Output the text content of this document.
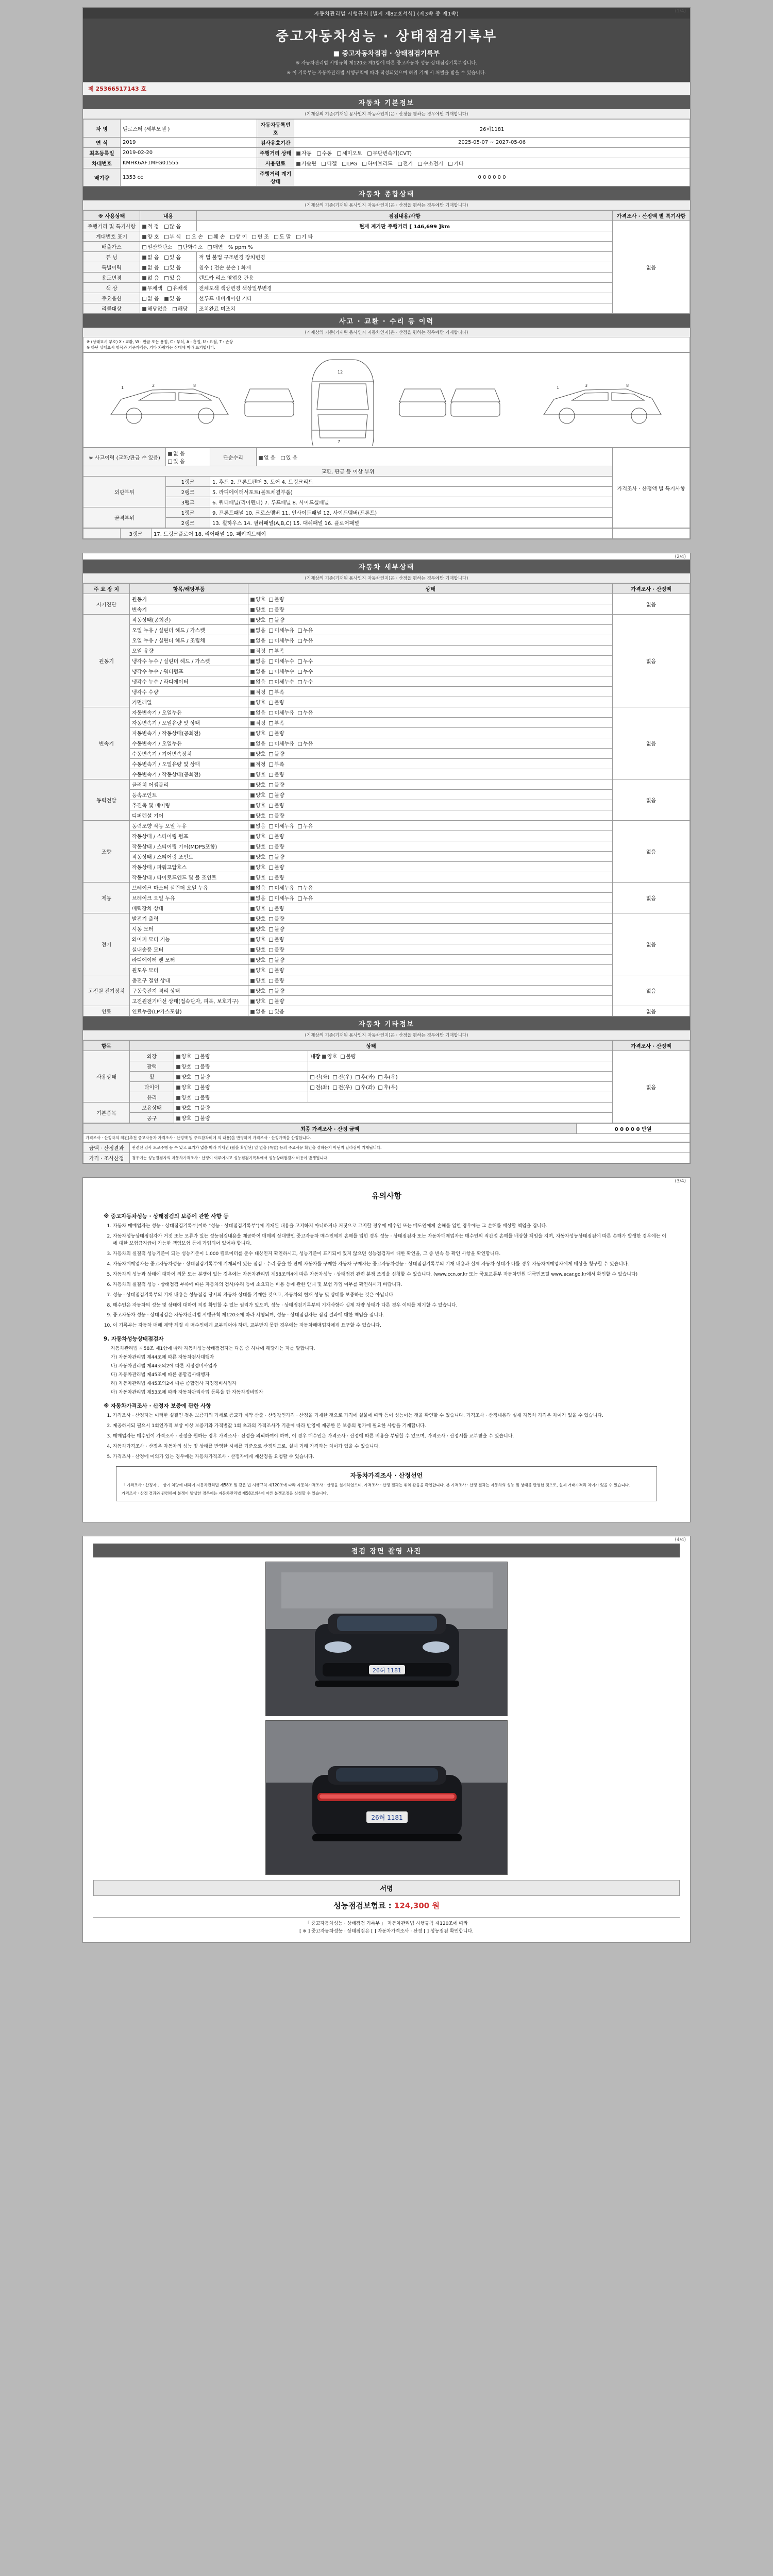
자동차관리법 시행규칙 [별지 제82호서식] (제3쪽 중 제1쪽)	(1/4)
중고자동차성능 · 상태점검기록부
■ 중고자동차점검 · 상태점검기록부
※ 자동차관리법 시행규칙 제120조 제1항에 따른 중고자동차 성능·상태점검기록부입니다.
※ 이 기록부는 자동차관리법 시행규칙에 따라 작성되었으며 허위 기재 시 처벌을 받을 수 있습니다.
제 25366517143 호
자동차 기본정보
(기재상의 기준(기재된 용사인지 자동차인지)은 · 산정을 평하는 경우에만 기재합니다)
차 명	벨로스터 (세부모델 )	자동차등록번호	26허1181
연 식	2019	검사유효기간	2025-05-07 ~ 2027-05-06
최초등록일	2019-02-20	주행거리 상태	자동 수동 세미오토 무단변속기(CVT)
차대번호	KMHK6AF1MFG01555	사용연료	가솔린 디젤 LPG 하이브리드 전기 수소전기 기타
배기량	1353 cc	주행거리 계기상태	0 0 0 0 0 0
자동차 종합상태
(기재상의 기준(기재된 용사인지 자동차인지)은 · 산정을 평하는 경우에만 기재합니다)
※ 사용상태	내용	점검내용/사항	가격조사 · 산정액 별 특기사항
주행거리 및 특기사항	적 정 많 음	현재 계기판 주행거리 [ 146,699 ]km	없음
계대번호 표기	양 호 부 식 오 손 훼 손 상 이 변 조 도 말 기 타		
배출가스	일산화탄소 탄화수소 매연 % ppm %		
튜 닝	없 음 있 음	적 법 불법 구조변경 장치변경	
특별이력	없 음 있 음	침수 ( 전손 분손 ) 화재	
용도변경	없 음 있 음	렌트카 리스 영업용 관용	
색 상	무채색 유채색	전체도색 색상변경 색상일부변경	
주요옵션	없 음 있 음	선루프 내비게이션 기타	
리콜대상	해당없음 해당	조치완료 미조치	
사고 · 교환 · 수리 등 이력
(기재상의 기준(기재된 용사인지 자동차인지)은 · 산정을 평하는 경우에만 기재합니다)
※ (상태표시 부호) X : 교환, W : 판금 또는 용접, C : 부식, A : 흠집, U : 요철, T : 손상
※ 하단 상태표시 항목과 기준가액은, 기타 차량가는 상태에 따라 표기합니다.
1	2	8
12
7
1	3	8
※ 사고이력 (교차/판금 수 있음)	없 음 있 음	단순수리	없 음 있 음	가격조사 · 산정액 별 특기사항
교환, 판금 등 이상 부위				
외판부위	1랭크	1. 후드 2. 프론트펜더 3. 도어 4. 트렁크리드		
	2랭크	5. 라디에이터서포트(볼트체결부품)		
	3랭크	6. 쿼터패널(리어펜더) 7. 루프패널 8. 사이드실패널		
골격부위	1랭크	9. 프론트패널 10. 크로스멤버 11. 인사이드패널 12. 사이드멤버(프론트)		
	2랭크	13. 휠하우스 14. 필러패널(A,B,C) 15. 대쉬패널 16. 플로어패널		
	3랭크	17. 트렁크플로어 18. 리어패널 19. 패키지트레이	
(2/4)
자동차 세부상태
(기재상의 기준(기재된 용사인지 자동차인지)은 · 산정을 평하는 경우에만 기재합니다)
주 요 장 치	항목/해당부품	상태	가격조사 · 산정액
자기진단	원동기	양호 불량	없음
	변속기	양호 불량	
원동기	작동상태(공회전)	양호 불량	없음
	오일 누유 / 실린더 헤드 / 가스켓	없음 미세누유 누유	
	오일 누유 / 실린더 헤드 / 조립체	없음 미세누유 누유	
	오일 유량	적정 부족	
	냉각수 누수 / 실린더 헤드 / 가스켓	없음 미세누수 누수	
	냉각수 누수 / 워터펌프	없음 미세누수 누수	
	냉각수 누수 / 라디에이터	없음 미세누수 누수	
	냉각수 수량	적정 부족	
	커먼레일	양호 불량	
변속기	자동변속기 / 오일누유	없음 미세누유 누유	없음
	자동변속기 / 오일유량 및 상태	적정 부족	
	자동변속기 / 작동상태(공회전)	양호 불량	
	수동변속기 / 오일누유	없음 미세누유 누유	
	수동변속기 / 기어변속장치	양호 불량	
	수동변속기 / 오일유량 및 상태	적정 부족	
	수동변속기 / 작동상태(공회전)	양호 불량	
동력전달	클러치 어셈블리	양호 불량	없음
	등속조인트	양호 불량	
	추진축 및 베어링	양호 불량	
	디퍼렌셜 기어	양호 불량	
조향	동력조향 작동 오일 누유	없음 미세누유 누유	없음
	작동상태 / 스티어링 펌프	양호 불량	
	작동상태 / 스티어링 기어(MDPS포함)	양호 불량	
	작동상태 / 스티어링 조인트	양호 불량	
	작동상태 / 파워고압호스	양호 불량	
	작동상태 / 타이로드엔드 및 볼 조인트	양호 불량	
제동	브레이크 마스터 실린더 오일 누유	없음 미세누유 누유	없음
	브레이크 오일 누유	없음 미세누유 누유	
	배력장치 상태	양호 불량	
전기	발전기 출력	양호 불량	없음
	시동 모터	양호 불량	
	와이퍼 모터 기능	양호 불량	
	실내송풍 모터	양호 불량	
	라디에이터 팬 모터	양호 불량	
	윈도우 모터	양호 불량	
고전원 전기장치	충전구 절연 상태	양호 불량	없음
	구동축전지 격리 상태	양호 불량	
	고전원전기배선 상태(접속단자, 피복, 보호기구)	양호 불량	
연료	연료누출(LP가스포함)	없음 있음	없음
자동차 기타정보
(기재상의 기준(기재된 용사인지 자동차인지)은 · 산정을 평하는 경우에만 기재합니다)
항목	상태			가격조사 · 산정액
사용상태	외장	양호 불량	내장 양호 불량	없음
	광택	양호 불량		
	휠	양호 불량	전(좌) 전(우) 후(좌) 후(우)	
	타이어	양호 불량	전(좌) 전(우) 후(좌) 후(우)	
	유리	양호 불량		
기본품목	보유상태	양호 불량		
	공구	양호 불량		
최종 가격조사 · 산정 금액	0 0 0 0 0 만원
가격조사 · 산정자의 의견(추천 중고자동차 가격조사 · 산정액 및 주요참착비에 의 내용)을 반영하여 가격조사 · 산정가액을 산정합니다.
금액 · 산정결과	관련된 검사 도로주행 등 수 있고 표기가 없을 따라 기재년 (괄을 확인된) 일 없을 (특별) 등의 주요사유 확인을 정하는지 아닌지 달라짐이 기재됩니다.
가격 · 조사산정	경우에는 성능점검자의 자동차가격조사 · 산정이 이루어지고 성능점검기록부에서 성능상태점검자 비용이 발생됩니다.
(3/4)
유의사항
※ 중고자동차성능 · 상태점검의 보증에 관한 사항 등
1. 자동차 매매업자는 성능 · 상태점검기록부(이하 "성능 · 상태점검기록부")에 기재된 내용을 고지하지 아니하거나 거짓으로 고지할 경우에 매수인 또는 매도인에게 손해를 입힌 경우에는 그 손해를 배상할 책임을 집니다.
2. 자동차성능상태점검자가 거짓 또는 오류가 있는 성능점검내용을 제공하여 매매의 상대방인 중고자동차 매수인에게 손해를 입힌 경우 성능 · 상태점검자 또는 자동차매매업자는 매수인의 직간접 손해를 배상할 책임을 지며, 자동차성능상태점검에 따른 손해가 발생한 경우에는 이에 대한 보험금지급이 가능한 책임보험 등에 가입되어 있어야 합니다.
3. 자동차의 실질적 성능기준이 되는 성능기준이 1,000 킬로미터를 준수 대상인지 확인하시고, 성능기준이 표기되어 있지 않으면 성능점검자에 대한 확인을, 그 중 변속 등 확인 사항을 확인합니다.
4. 자동차매매업자는 중고자동차성능 · 상태점검기록부에 기재되어 있는 점검 · 수리 등을 한 판매 자동차를 구매한 자동차 구매자는 중고자동차성능 · 상태점검기록부의 기재 내용과 실제 자동차 상태가 다를 경우 자동차매매업자에게 배상을 청구할 수 있습니다.
5. 자동차의 성능과 상태에 대하여 의문 또는 분쟁이 있는 경우에는 자동차관리법 제58조의4에 따른 자동차성능 · 상태점검 관련 분쟁 조정을 신청할 수 있습니다. (www.ccn.or.kr 또는 국토교통부 자동차민원 대국민포털 www.ecar.go.kr에서 확인할 수 있습니다)
6. 자동차의 실질적 성능 · 상태점검 부족에 따른 자동차의 검사/수리 등에 소요되는 비용 등에 관한 안내 및 보험 가입 여부를 확인하시기 바랍니다.
7. 성능 · 상태점검기록부의 기재 내용은 성능점검 당시의 자동차 상태를 기재한 것으로, 자동차의 현재 성능 및 상태를 보증하는 것은 아닙니다.
8. 매수인은 자동차의 성능 및 상태에 대하여 직접 확인할 수 있는 권리가 있으며, 성능 · 상태점검기록부의 기재사항과 실제 차량 상태가 다른 경우 이의를 제기할 수 있습니다.
9. 중고자동차 성능 · 상태점검은 자동차관리법 시행규칙 제120조에 따라 시행되며, 성능 · 상태점검자는 점검 결과에 대한 책임을 집니다.
10. 이 기록부는 자동차 매매 계약 체결 시 매수인에게 교부되어야 하며, 교부받지 못한 경우에는 자동차매매업자에게 요구할 수 있습니다.
9. 자동차성능상태점검자
자동차관리법 제58조 제1항에 따라 자동차성능상태점검자는 다음 중 하나에 해당하는 자를 말합니다.
가) 자동차관리법 제44조에 따른 자동차검사대행자
나) 자동차관리법 제44조의2에 따른 지정정비사업자
다) 자동차관리법 제45조에 따른 종합검사대행자
라) 자동차관리법 제45조의2에 따른 종합검사 지정정비사업자
마) 자동차관리법 제53조에 따라 자동차관리사업 등록을 한 자동차정비업자
※ 자동차가격조사 · 산정자 보증에 관한 사항
1. 가격조사 · 산정자는 이러한 실질인 것은 보증기의 가세로 종교가 계약 산출 · 산정값인가격 · 산정을 기재한 것으로 가격에 실물에 따라 등이 성능이는 것을 확인할 수 있습니다. 가격조사 · 산정내용과 실제 자동차 가격은 차이가 있을 수 있습니다.
2. 제공하시되 필요시 1회인가격 보상 이상 보증기와 가격별값 1회 초과의 가격조사가 기준에 따라 반영에 제공한 본 보증의 평가에 필요한 사항을 기재합니다.
3. 매매업자는 매수인이 가격조사 · 산정을 원하는 경우 가격조사 · 산정을 의뢰하여야 하며, 이 경우 매수인은 가격조사 · 산정에 따른 비용을 부담할 수 있으며, 가격조사 · 산정서를 교부받을 수 있습니다.
4. 자동차가격조사 · 산정은 자동차의 성능 및 상태를 반영한 시세를 기준으로 산정되므로, 실제 거래 가격과는 차이가 있을 수 있습니다.
5. 가격조사 · 산정에 이의가 있는 경우에는 자동차가격조사 · 산정자에게 재산정을 요청할 수 있습니다.
자동차가격조사 · 산정선언
「 가격조사 · 산정자 」 상기 차량에 대하여 자동차관리법 제58조 및 같은 법 시행규칙 제120조에 따라 자동차가격조사 · 산정을 실시하였으며, 가격조사 · 산정 결과는 위와 같음을 확인합니다. 본 가격조사 · 산정 결과는 자동차의 성능 및 상태를 반영한 것으로, 실제 거래가격과 차이가 있을 수 있습니다.
가격조사 · 산정 결과와 관련하여 분쟁이 발생한 경우에는 자동차관리법 제58조의4에 따른 분쟁조정을 신청할 수 있습니다.
(4/4)
점검 장면 촬영 사진
26허 1181
26허 1181
서명
성능점검보험료 : 124,300 원
「 중고자동차성능 · 상태점검 기록부 」 자동차관리법 시행규칙 제120조에 따라
[ ※ ] 중고자동차성능 · 상태점검은 [ ] 자동차가격조사 · 산정 [ ] 성능점검 확인합니다.
